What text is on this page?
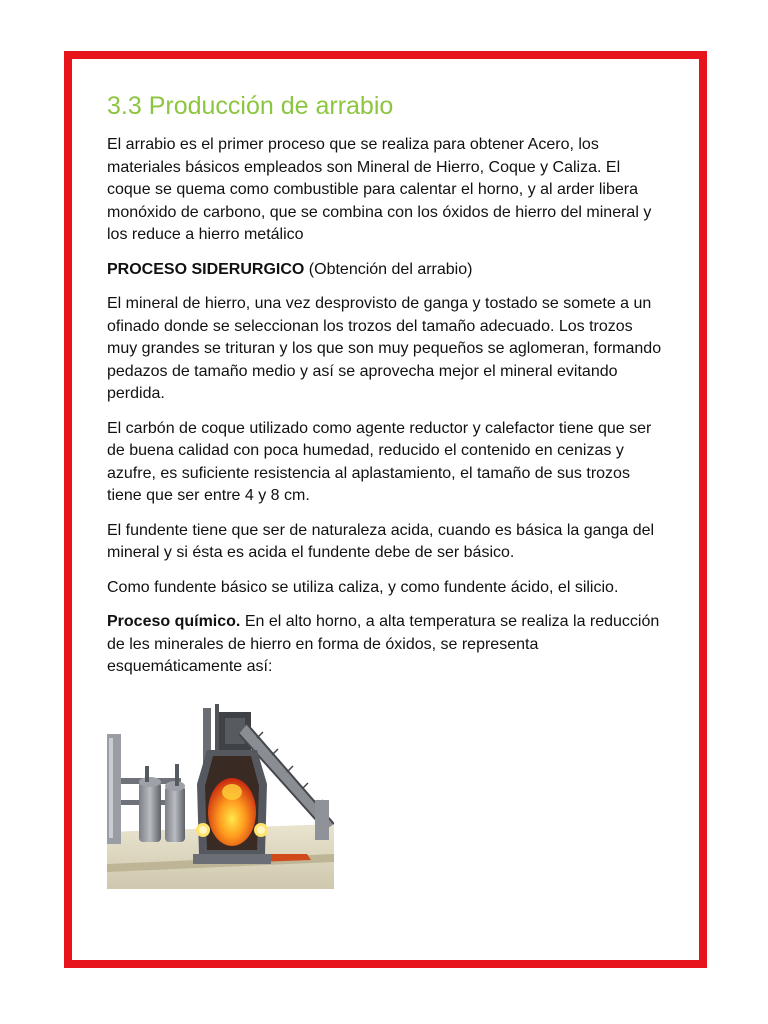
3.3 Producción de arrabio

El arrabio es el primer proceso que se realiza para obtener Acero, los materiales básicos empleados son Mineral de Hierro, Coque y Caliza. El coque se quema como combustible para calentar el horno, y al arder libera monóxido de carbono, que se combina con los óxidos de hierro del mineral y los reduce a hierro metálico

PROCESO SIDERURGICO (Obtención del arrabio)

El mineral de hierro, una vez desprovisto de ganga y tostado se somete a un ofinado donde se seleccionan los trozos del tamaño adecuado. Los trozos muy grandes se trituran y los que son muy pequeños se aglomeran, formando pedazos de tamaño medio y así se aprovecha mejor el mineral evitando perdida.

El carbón de coque utilizado como agente reductor y calefactor tiene que ser de buena calidad con poca humedad, reducido el contenido en cenizas y azufre, es suficiente resistencia al aplastamiento, el tamaño de sus trozos tiene que ser entre 4 y 8 cm.

El fundente tiene que ser de naturaleza acida, cuando es básica la ganga del mineral y si ésta es acida el fundente debe de ser básico.

Como fundente básico se utiliza caliza, y como fundente ácido, el silicio.

Proceso químico. En el alto horno, a alta temperatura se realiza la reducción de les minerales de hierro en forma de óxidos, se representa esquemáticamente así:
